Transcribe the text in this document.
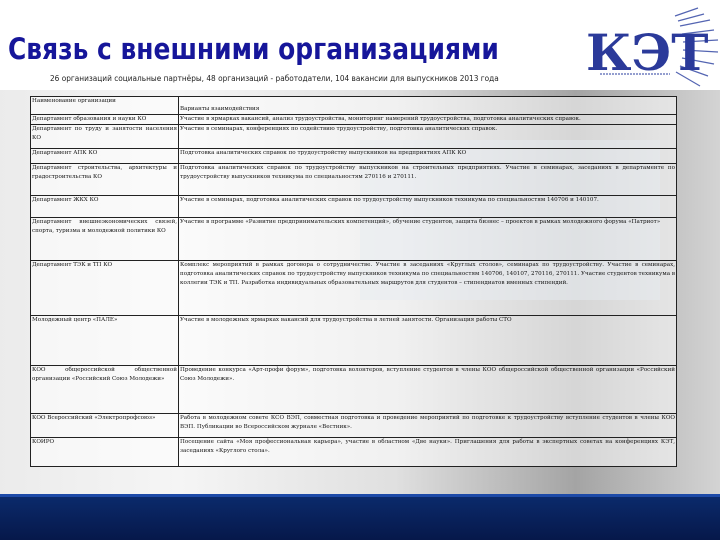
Связь с внешними организациями
26 организаций социальные партнёры, 48 организаций - работодатели, 104 вакансии для выпускников 2013 года КЭТ
Наименование организации	Варианты взаимодействия
Департамент образования и науки КО	Участие в ярмарках вакансий, анализ трудоустройства, мониторинг намерений трудоустройства, подготовка аналитических справок.
Департамент по труду и занятости населения КО	Участие в семинарах, конференциях по содействию трудоустройству, подготовка аналитических справок.
Департамент АПК КО	Подготовка аналитических справок по трудоустройству выпускников на предприятиях АПК КО
Департамент строительства, архитектуры и градостроительства КО	Подготовка аналитических справок по трудоустройству выпускников на строительных предприятиях. Участие в семинарах, заседаниях в департаменте по трудоустройству выпускников техникума по специальностям 270116 и 270111.
Департамент ЖКХ КО	Участие в семинарах, подготовка аналитических справок по трудоустройству выпускников техникума по специальностям 140706 и 140107.
Департамент внешнеэкономических связей, спорта, туризма и молодежной политики КО	Участие в программе «Развитие предпринимательских компетенций», обучение студентов, защита бизнес – проектов в рамках молодежного форума «Патриот»
Департамент ТЭК и ТП КО	Комплекс мероприятий в рамках договора о сотрудничестве. Участие в заседаниях «Круглых столов», семинарах по трудоустройству. Участие в семинарах, подготовка аналитических справок по трудоустройству выпускников техникума по специальностям 140706, 140107, 270116, 270111. Участие студентов техникума в коллегии ТЭК и ТП. Разработка индивидуальных образовательных маршрутов для студентов – стипендиатов именных стипендий.
Молодежный центр «ПАЛЕ»	Участие в молодежных ярмарках вакансий для трудоустройства в летней занятости. Организация работы СТО
КОО общероссийской общественной организации «Российский Союз Молодежи»	Проведение конкурса «Арт-профи форум», подготовка волонтеров, вступление студентов в члены КОО общероссийской общественной организации «Российский Союз Молодежи».
КОО Всероссийский «Электропрофсоюз»	Работа в молодежном совете КСО ВЭП, совместная подготовка и проведение мероприятий по подготовке к трудоустройству вступление студентов в члены КОО ВЭП. Публикации во Всероссийском журнале «Вестник».
КОИРО	Посещение сайта «Моя профессиональная карьера», участие в областном «Две науки». Приглашения для работы в экспертных советах на конференциях КЭТ, заседаниях «Круглого стола».
